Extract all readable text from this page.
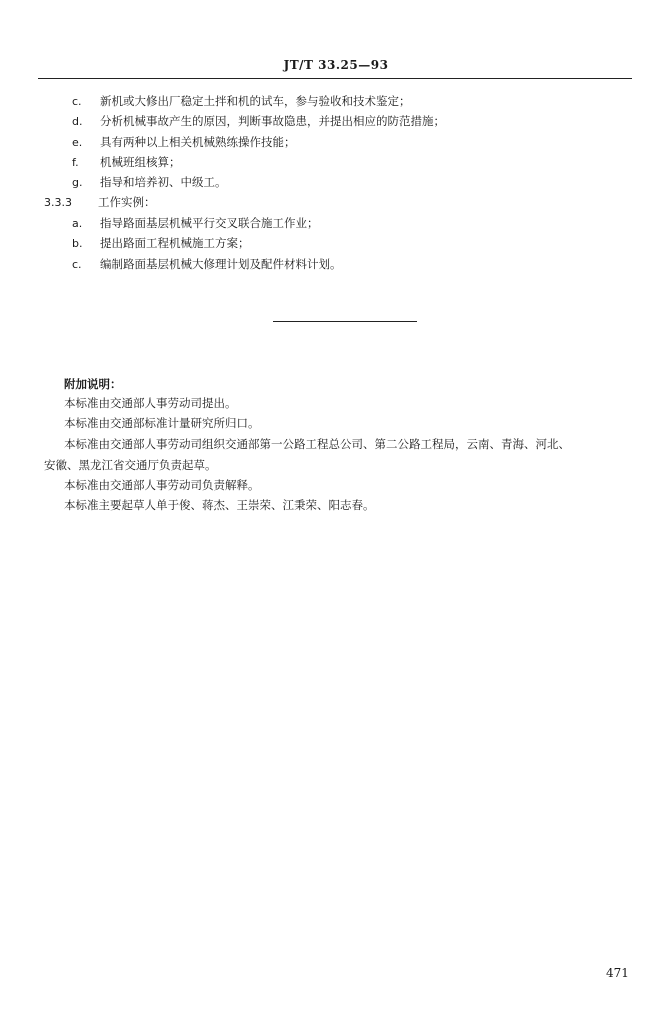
JT/T 33.25—93
c. 新机或大修出厂稳定土拌和机的试车，参与验收和技术鉴定；
d. 分析机械事故产生的原因，判断事故隐患，并提出相应的防范措施；
e. 具有两种以上相关机械熟练操作技能；
f. 机械班组核算；
g. 指导和培养初、中级工。
3.3.3 工作实例：
a. 指导路面基层机械平行交叉联合施工作业；
b. 提出路面工程机械施工方案；
c. 编制路面基层机械大修理计划及配件材料计划。
附加说明：
本标准由交通部人事劳动司提出。
本标准由交通部标准计量研究所归口。
本标准由交通部人事劳动司组织交通部第一公路工程总公司、第二公路工程局，云南、青海、河北、
安徽、黑龙江省交通厅负责起草。
本标准由交通部人事劳动司负责解释。
本标准主要起草人单于俊、蒋杰、王崇荣、江秉荣、阳志春。
471
